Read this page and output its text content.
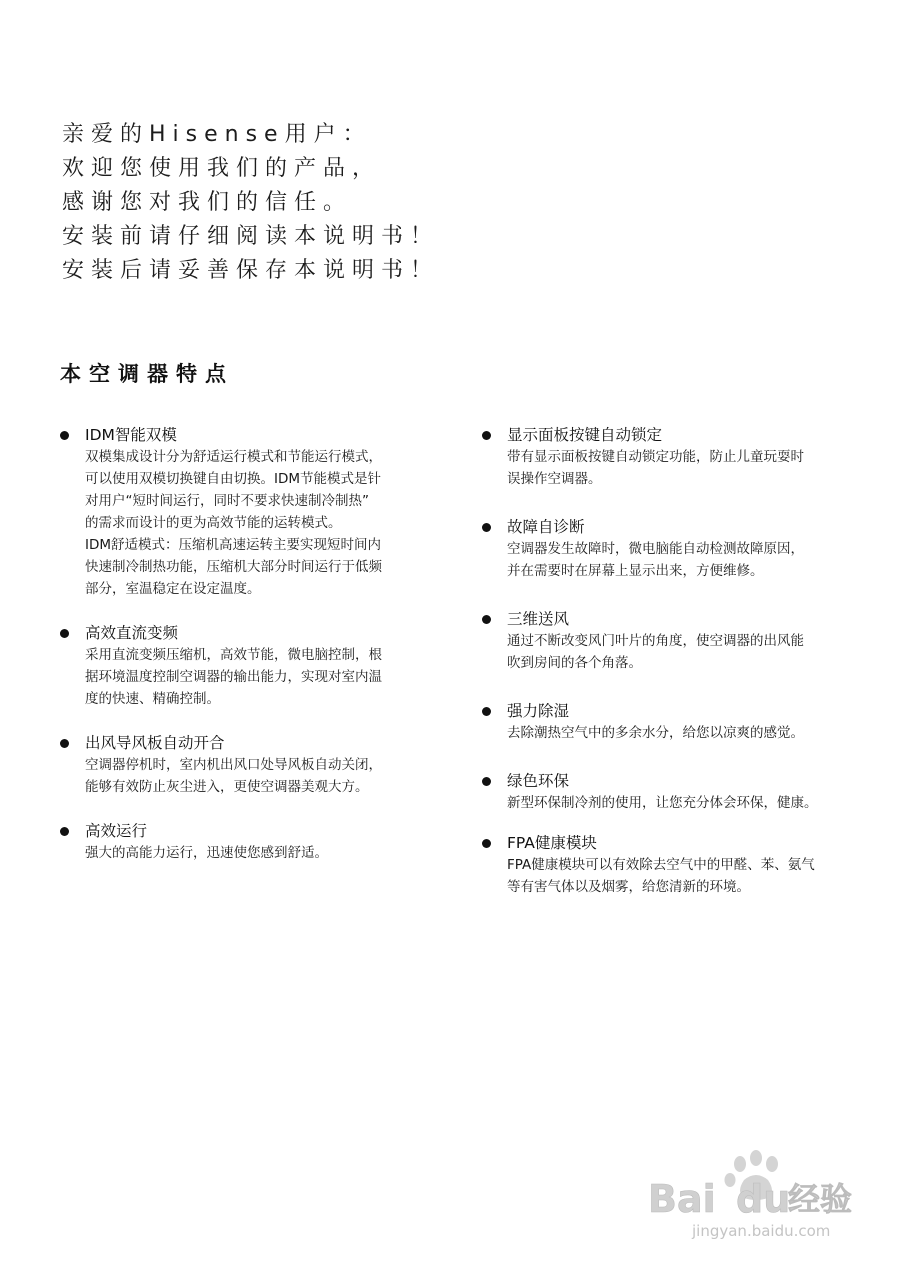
亲爱的Hisense用户：
欢迎您使用我们的产品，
感谢您对我们的信任。
安装前请仔细阅读本说明书！
安装后请妥善保存本说明书！
本空调器特点
IDM智能双模
双模集成设计分为舒适运行模式和节能运行模式，
可以使用双模切换键自由切换。IDM节能模式是针
对用户“短时间运行，同时不要求快速制冷制热”
的需求而设计的更为高效节能的运转模式。
IDM舒适模式：压缩机高速运转主要实现短时间内
快速制冷制热功能，压缩机大部分时间运行于低频
部分，室温稳定在设定温度。
高效直流变频
采用直流变频压缩机，高效节能，微电脑控制，根
据环境温度控制空调器的输出能力，实现对室内温
度的快速、精确控制。
出风导风板自动开合
空调器停机时，室内机出风口处导风板自动关闭，
能够有效防止灰尘进入，更使空调器美观大方。
高效运行
强大的高能力运行，迅速使您感到舒适。
显示面板按键自动锁定
带有显示面板按键自动锁定功能，防止儿童玩耍时
误操作空调器。
故障自诊断
空调器发生故障时，微电脑能自动检测故障原因，
并在需要时在屏幕上显示出来，方便维修。
三维送风
通过不断改变风门叶片的角度，使空调器的出风能
吹到房间的各个角落。
强力除湿
去除潮热空气中的多余水分，给您以凉爽的感觉。
绿色环保
新型环保制冷剂的使用，让您充分体会环保，健康。
FPA健康模块
FPA健康模块可以有效除去空气中的甲醛、苯、氨气
等有害气体以及烟雾，给您清新的环境。
Bai du
经验
jingyan.baidu.com
